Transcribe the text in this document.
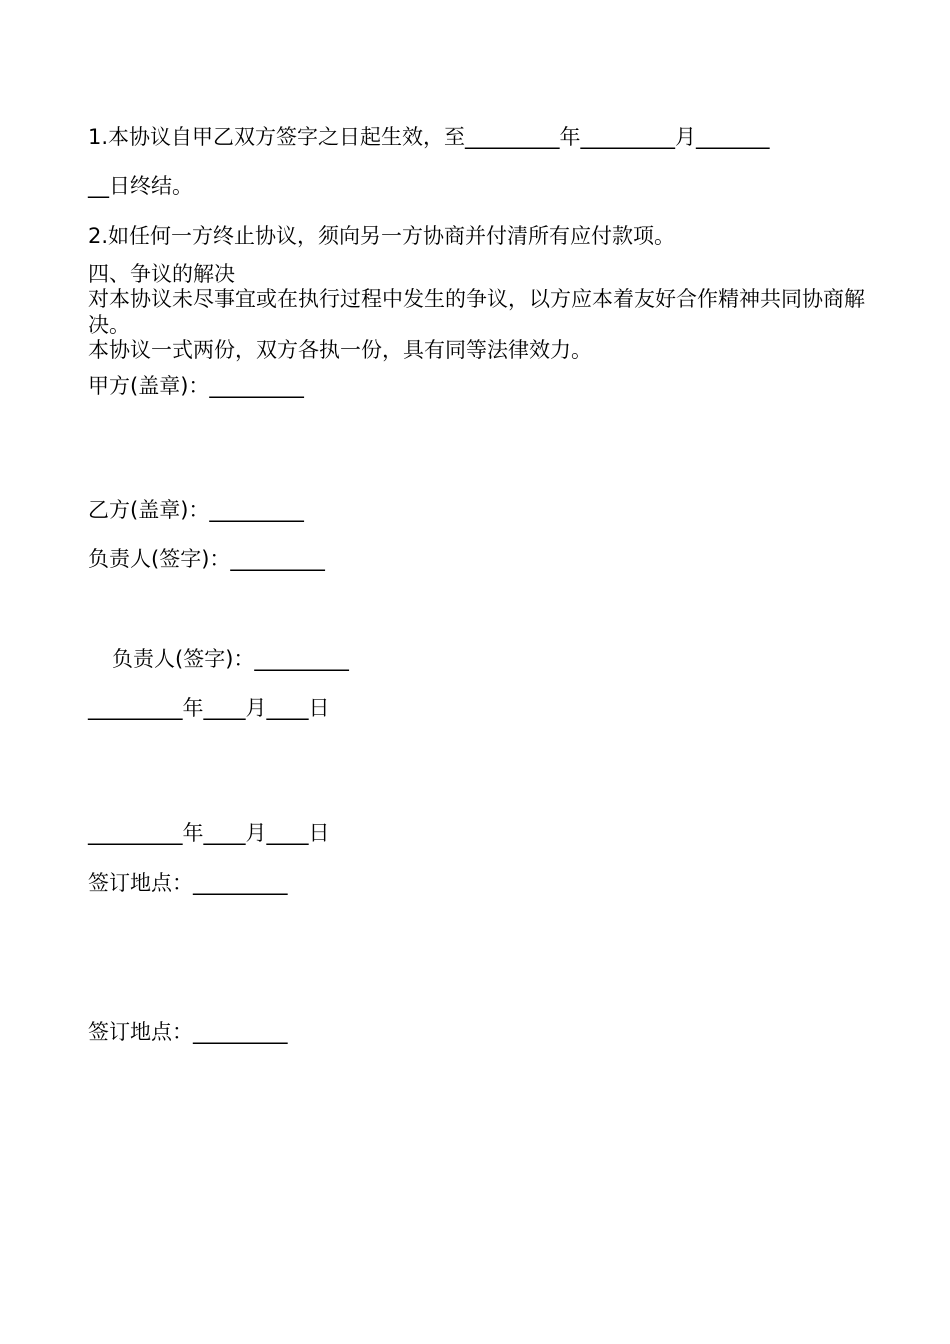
1.本协议自甲乙双方签字之日起生效，至_________年_________月_______
__日终结。
2.如任何一方终止协议，须向另一方协商并付清所有应付款项。
四、争议的解决
对本协议未尽事宜或在执行过程中发生的争议，以方应本着友好合作精神共同协商解决。
本协议一式两份，双方各执一份，具有同等法律效力。
甲方(盖章)：_________
乙方(盖章)：_________
负责人(签字)：_________
负责人(签字)：_________
_________年____月____日
_________年____月____日
签订地点：_________
签订地点：_________
